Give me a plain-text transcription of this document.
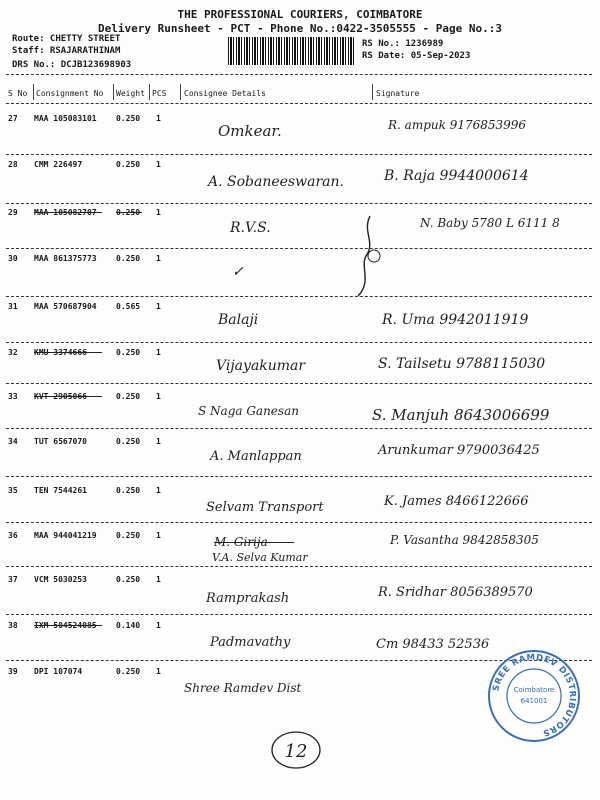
THE PROFESSIONAL COURIERS, COIMBATORE
Delivery Runsheet - PCT - Phone No.:0422-3505555 - Page No.:3
Route: CHETTY STREET
Staff: RSAJARATHINAM
DRS No.: DCJB123698903
RS No.: 1236989
RS Date: 05-Sep-2023
S No Consignment No Weight PCS Consignee Details	Signature
27 MAA 105083101 0.250 1
Omkear.	R. ampuk 9176853996
28 CMM 226497	0.250 1
A. Sobaneeswaran.	B. Raja 9944000614
29 MAA 105082707 0.250 1
R.V.S.	N. Baby 5780 L 6111 8
30 MAA 861375773 0.250 1
✓
31 MAA 570687904 0.565 1
Balaji	R. Uma 9942011919
32 KMU 3374666	0.250 1
Vijayakumar	S. Tailsetu 9788115030
33 KVT 2905066	0.250 1
S Naga Ganesan	S. Manjuh 8643006699
34 TUT 6567070	0.250 1
A. Manlappan	Arunkumar 9790036425
35 TEN 7544261	0.250 1
Selvam Transport	K. James 8466122666
36 MAA 944041219 0.250 1	M. Girija
V.A. Selva Kumar
P. Vasantha 9842858305
37 VCM 5030253	0.250 1
Ramprakash	R. Sridhar 8056389570
38 IXM 504524085 0.140 1
Padmavathy	Cm 98433 52536
39 DPI 107074	0.250 1
Shree Ramdev Dist	SREE RAMDEV DISTRIBUTORS
Coimbatore
641001
12
